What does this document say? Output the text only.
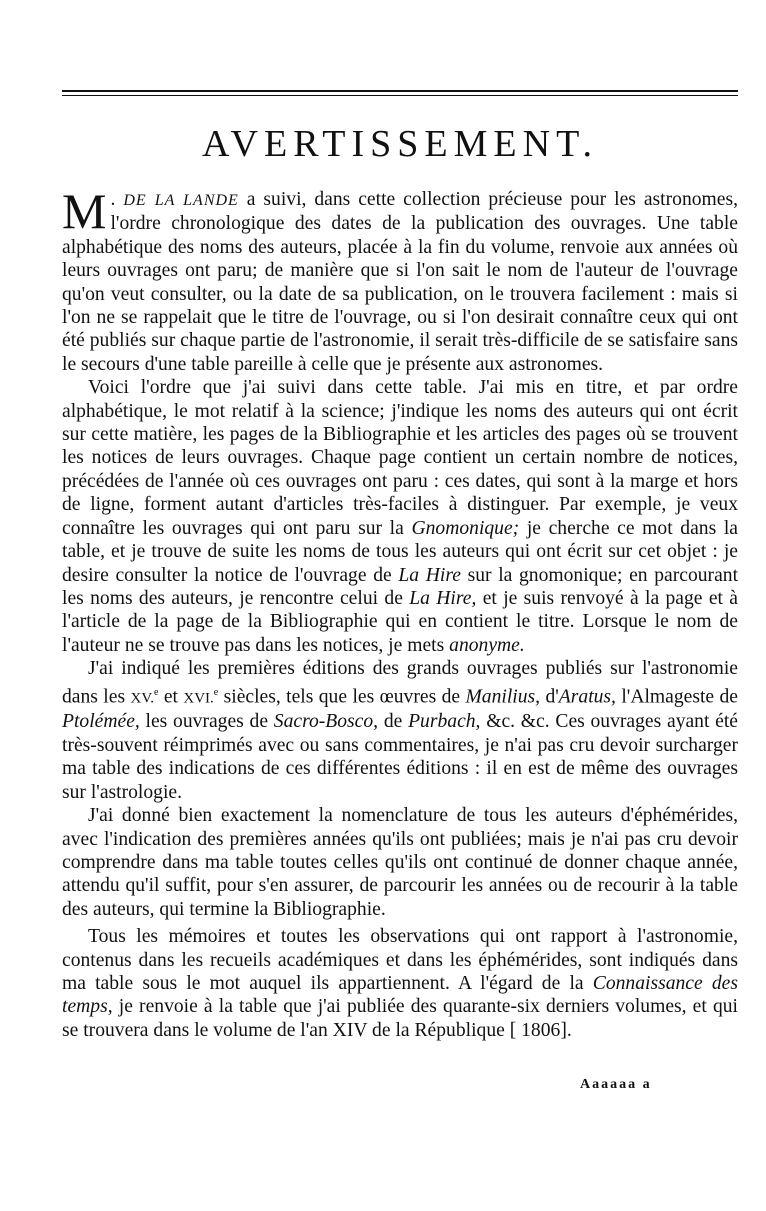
AVERTISSEMENT.

M . DE LA LANDE a suivi, dans cette collection précieuse pour les astronomes, l'ordre chronologique des dates de la publication des ouvrages. Une table alphabétique des noms des auteurs, placée à la fin du volume, renvoie aux années où leurs ouvrages ont paru; de manière que si l'on sait le nom de l'auteur de l'ouvrage qu'on veut consulter, ou la date de sa publication, on le trouvera facilement : mais si l'on ne se rappelait que le titre de l'ouvrage, ou si l'on desirait connaître ceux qui ont été publiés sur chaque partie de l'astronomie, il serait très-difficile de se satisfaire sans le secours d'une table pareille à celle que je présente aux astronomes.

Voici l'ordre que j'ai suivi dans cette table. J'ai mis en titre, et par ordre alphabétique, le mot relatif à la science; j'indique les noms des auteurs qui ont écrit sur cette matière, les pages de la Bibliographie et les articles des pages où se trouvent les notices de leurs ouvrages. Chaque page contient un certain nombre de notices, précédées de l'année où ces ouvrages ont paru : ces dates, qui sont à la marge et hors de ligne, forment autant d'articles très-faciles à distinguer. Par exemple, je veux connaître les ouvrages qui ont paru sur la Gnomonique; je cherche ce mot dans la table, et je trouve de suite les noms de tous les auteurs qui ont écrit sur cet objet : je desire consulter la notice de l'ouvrage de La Hire sur la gnomonique; en parcourant les noms des auteurs, je rencontre celui de La Hire, et je suis renvoyé à la page et à l'article de la page de la Bibliographie qui en contient le titre. Lorsque le nom de l'auteur ne se trouve pas dans les notices, je mets anonyme.

J'ai indiqué les premières éditions des grands ouvrages publiés sur l'astronomie dans les XV.$^e$ et XVI.$^e$ siècles, tels que les œuvres de Manilius, d'Aratus, l'Almageste de Ptolémée, les ouvrages de Sacro-Bosco, de Purbach, &c. &c. Ces ouvrages ayant été très-souvent réimprimés avec ou sans commentaires, je n'ai pas cru devoir surcharger ma table des indications de ces différentes éditions : il en est de même des ouvrages sur l'astrologie.

J'ai donné bien exactement la nomenclature de tous les auteurs d'éphémérides, avec l'indication des premières années qu'ils ont publiées; mais je n'ai pas cru devoir comprendre dans ma table toutes celles qu'ils ont continué de donner chaque année, attendu qu'il suffit, pour s'en assurer, de parcourir les années ou de recourir à la table des auteurs, qui termine la Bibliographie.

Tous les mémoires et toutes les observations qui ont rapport à l'astronomie, contenus dans les recueils académiques et dans les éphémérides, sont indiqués dans ma table sous le mot auquel ils appartiennent. A l'égard de la Connaissance des temps, je renvoie à la table que j'ai publiée des quarante-six derniers volumes, et qui se trouvera dans le volume de l'an XIV de la République [ 1806].

Aaaaaa a
